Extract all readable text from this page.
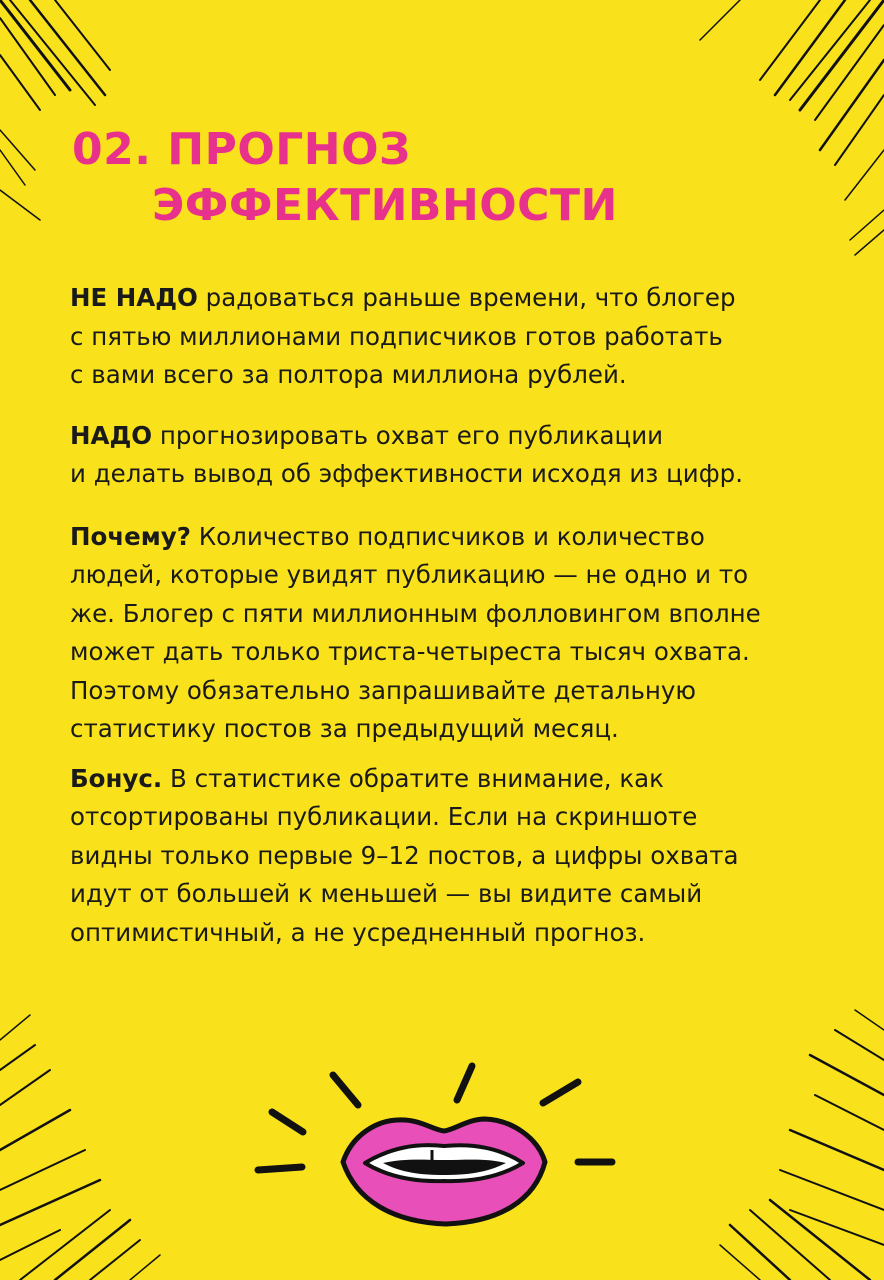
02. ПРОГНОЗ
ЭФФЕКТИВНОСТИ

НЕ НАДО радоваться раньше времени, что блогер
с пятью миллионами подписчиков готов работать
с вами всего за полтора миллиона рублей.

НАДО прогнозировать охват его публикации
и делать вывод об эффективности исходя из цифр.

Почему? Количество подписчиков и количество
людей, которые увидят публикацию — не одно и то
же. Блогер с пяти миллионным фолловингом вполне
может дать только триста-четыреста тысяч охвата.
Поэтому обязательно запрашивайте детальную
статистику постов за предыдущий месяц.

Бонус. В статистике обратите внимание, как
отсортированы публикации. Если на скриншоте
видны только первые 9–12 постов, а цифры охвата
идут от большей к меньшей — вы видите самый
оптимистичный, а не усредненный прогноз.
